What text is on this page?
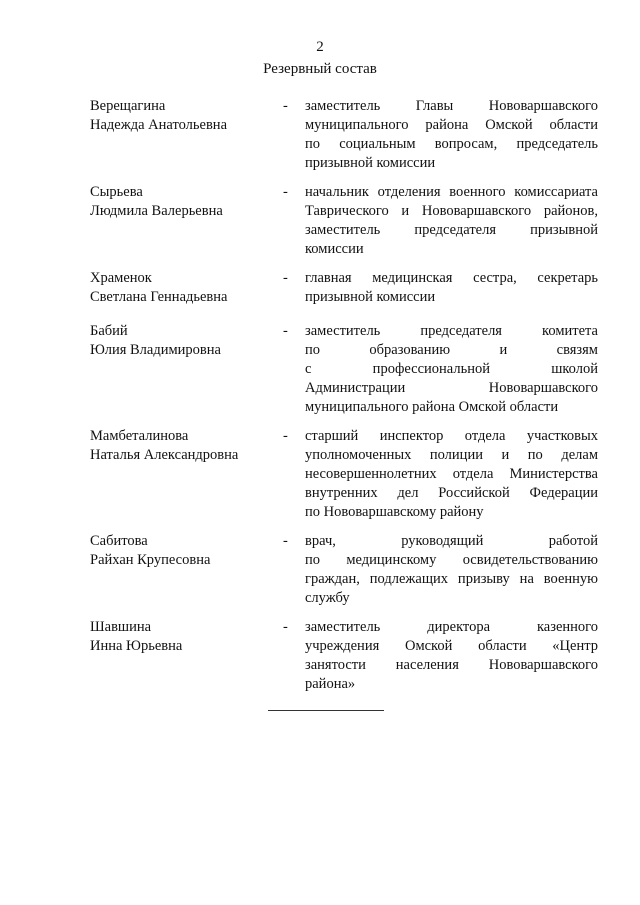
2
Резервный состав
Верещагина
Надежда Анатольевна
-	заместитель Главы Нововаршавского
муниципального района Омской области
по социальным вопросам, председатель
призывной комиссии
Сырьева
Людмила Валерьевна
-	начальник отделения военного комиссариата
Таврического и Нововаршавского районов,
заместитель председателя призывной
комиссии
Храменок
Светлана Геннадьевна
-	главная медицинская сестра, секретарь
призывной комиссии
Бабий
Юлия Владимировна
-	заместитель председателя комитета
по образованию и связям
с профессиональной школой
Администрации Нововаршавского
муниципального района Омской области
Мамбеталинова
Наталья Александровна
-	старший инспектор отдела участковых
уполномоченных полиции и по делам
несовершеннолетних отдела Министерства
внутренних дел Российской Федерации
по Нововаршавскому району
Сабитова
Райхан Крупесовна
-	врач, руководящий работой
по медицинскому освидетельствованию
граждан, подлежащих призыву на военную
службу
Шавшина
Инна Юрьевна
-	заместитель директора казенного
учреждения Омской области «Центр
занятости населения Нововаршавского
района»
